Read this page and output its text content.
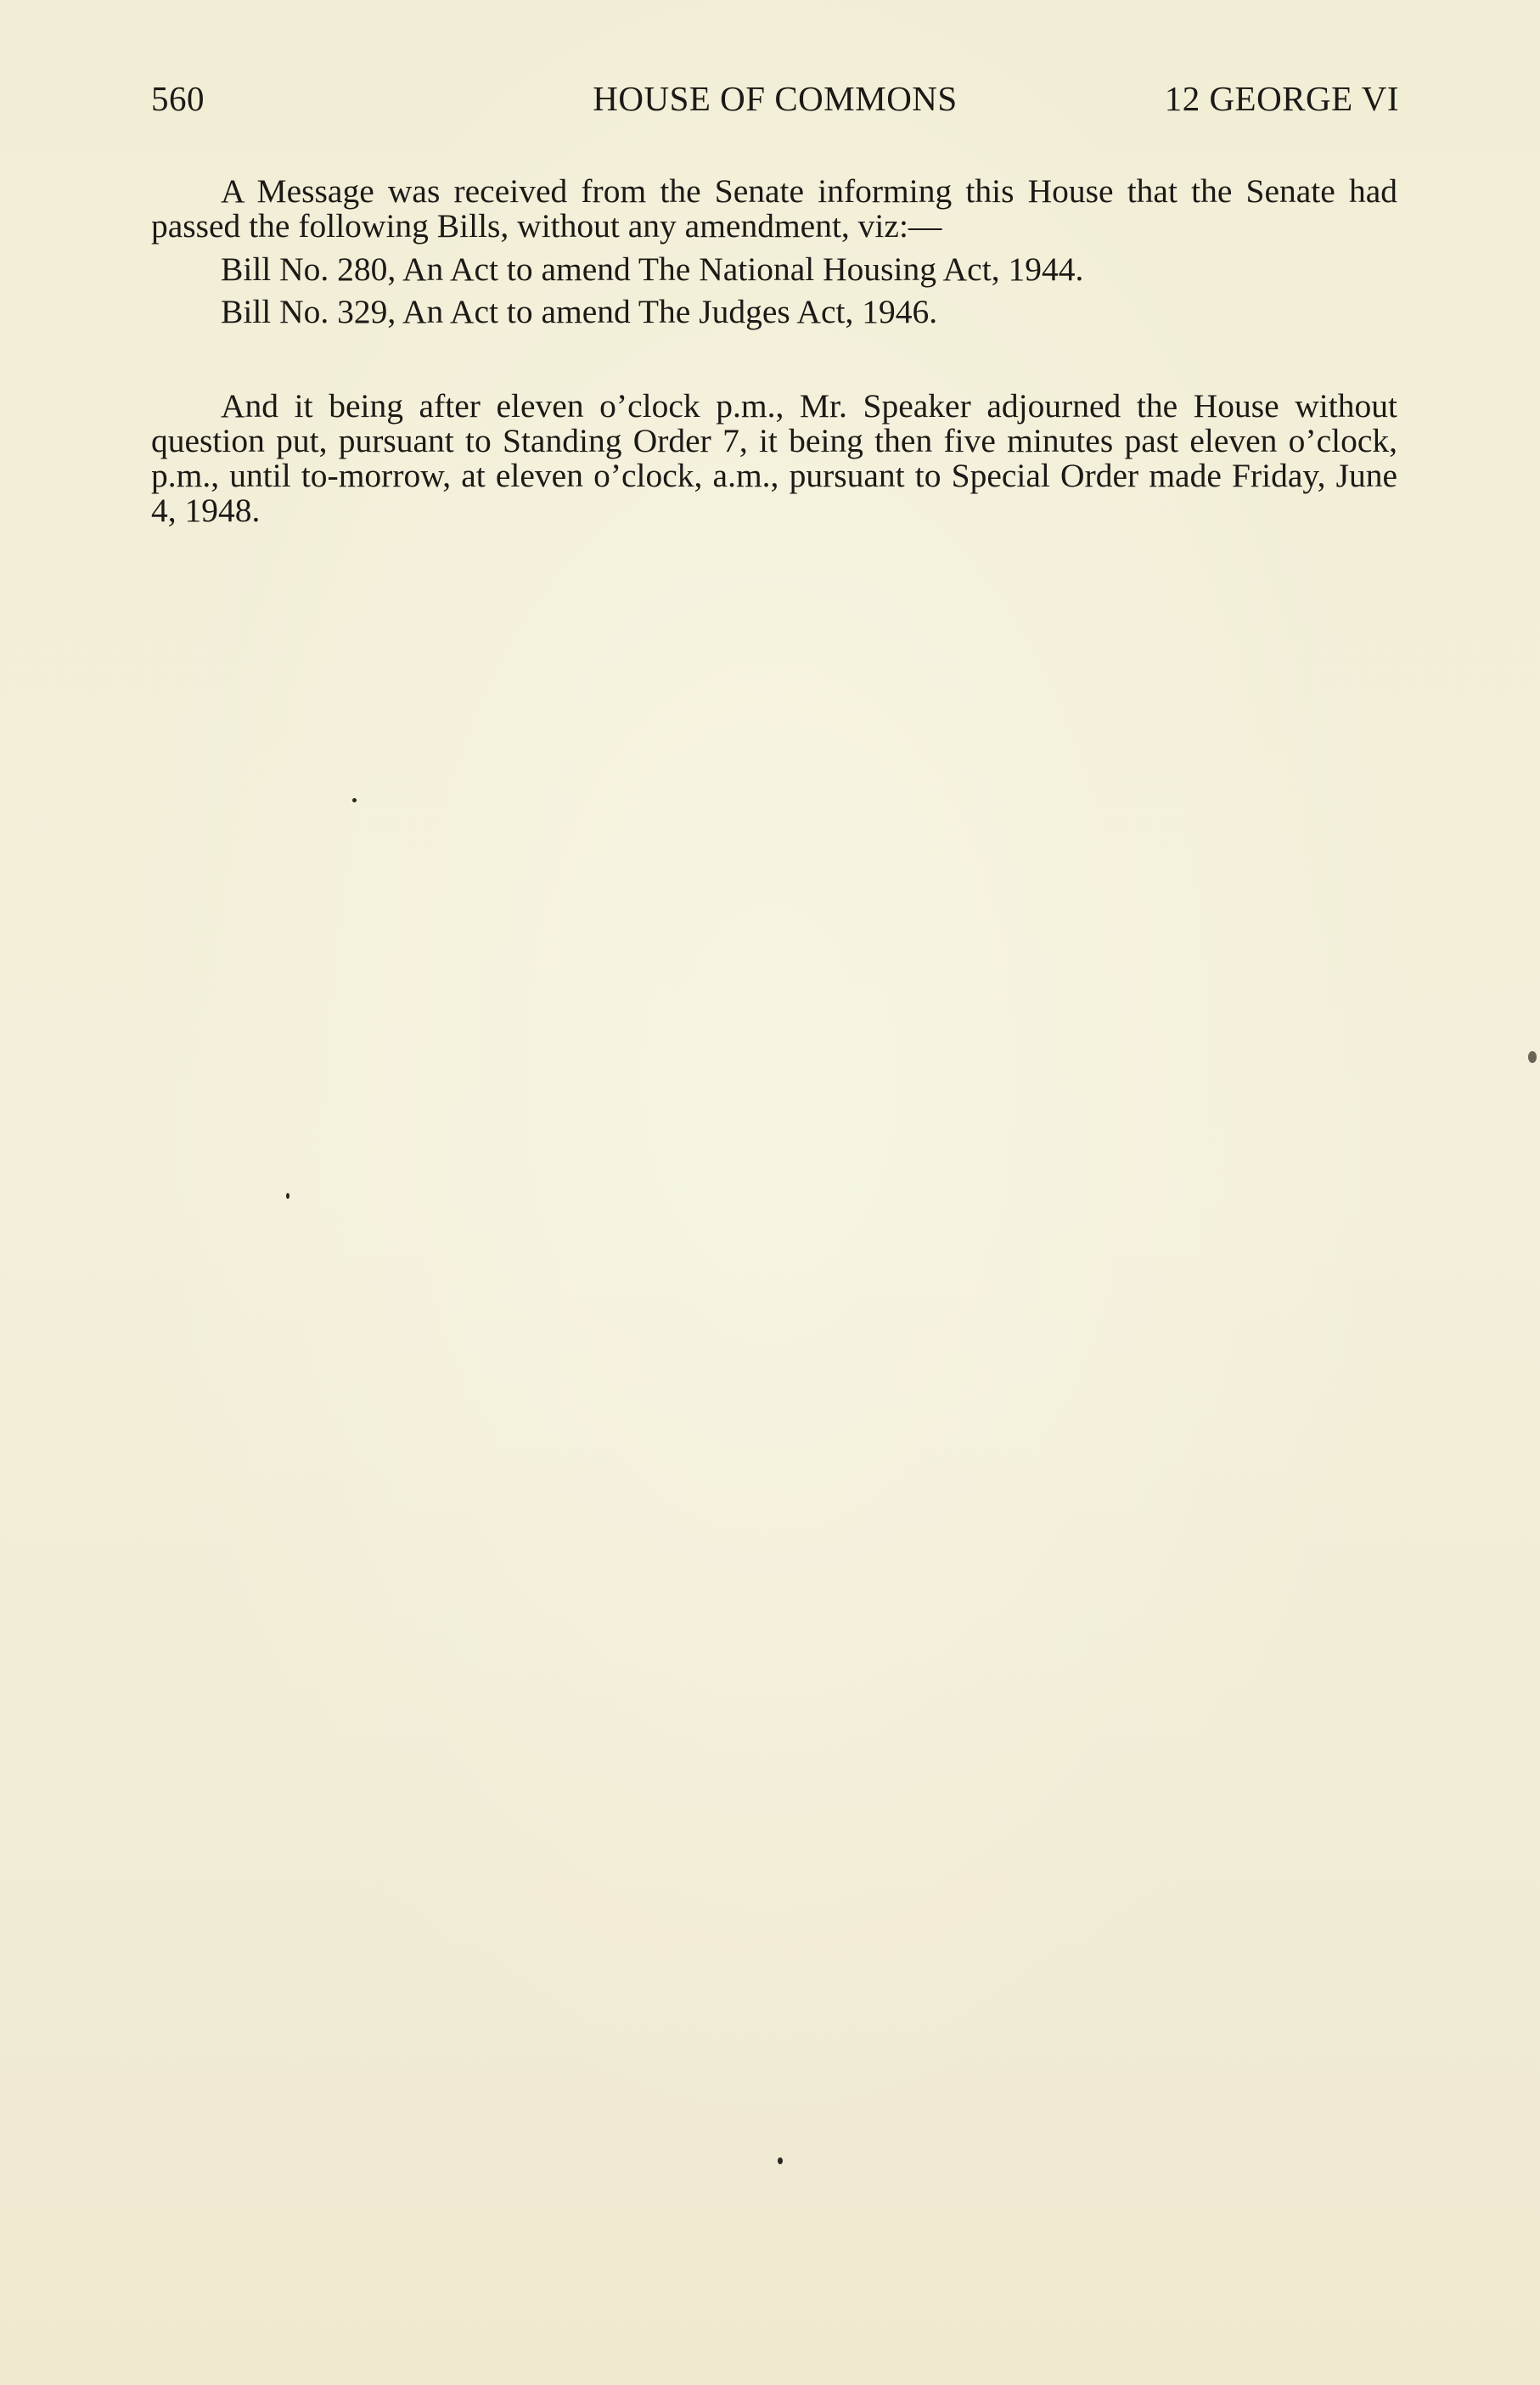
560	HOUSE OF COMMONS	12 GEORGE VI
A Message was received from the Senate informing this House that the Senate had passed the following Bills, without any amendment, viz:—
Bill No. 280, An Act to amend The National Housing Act, 1944.
Bill No. 329, An Act to amend The Judges Act, 1946.
And it being after eleven o’clock p.m., Mr. Speaker adjourned the House without question put, pursuant to Standing Order 7, it being then five minutes past eleven o’clock, p.m., until to-morrow, at eleven o’clock, a.m., pursuant to Special Order made Friday, June 4, 1948.
